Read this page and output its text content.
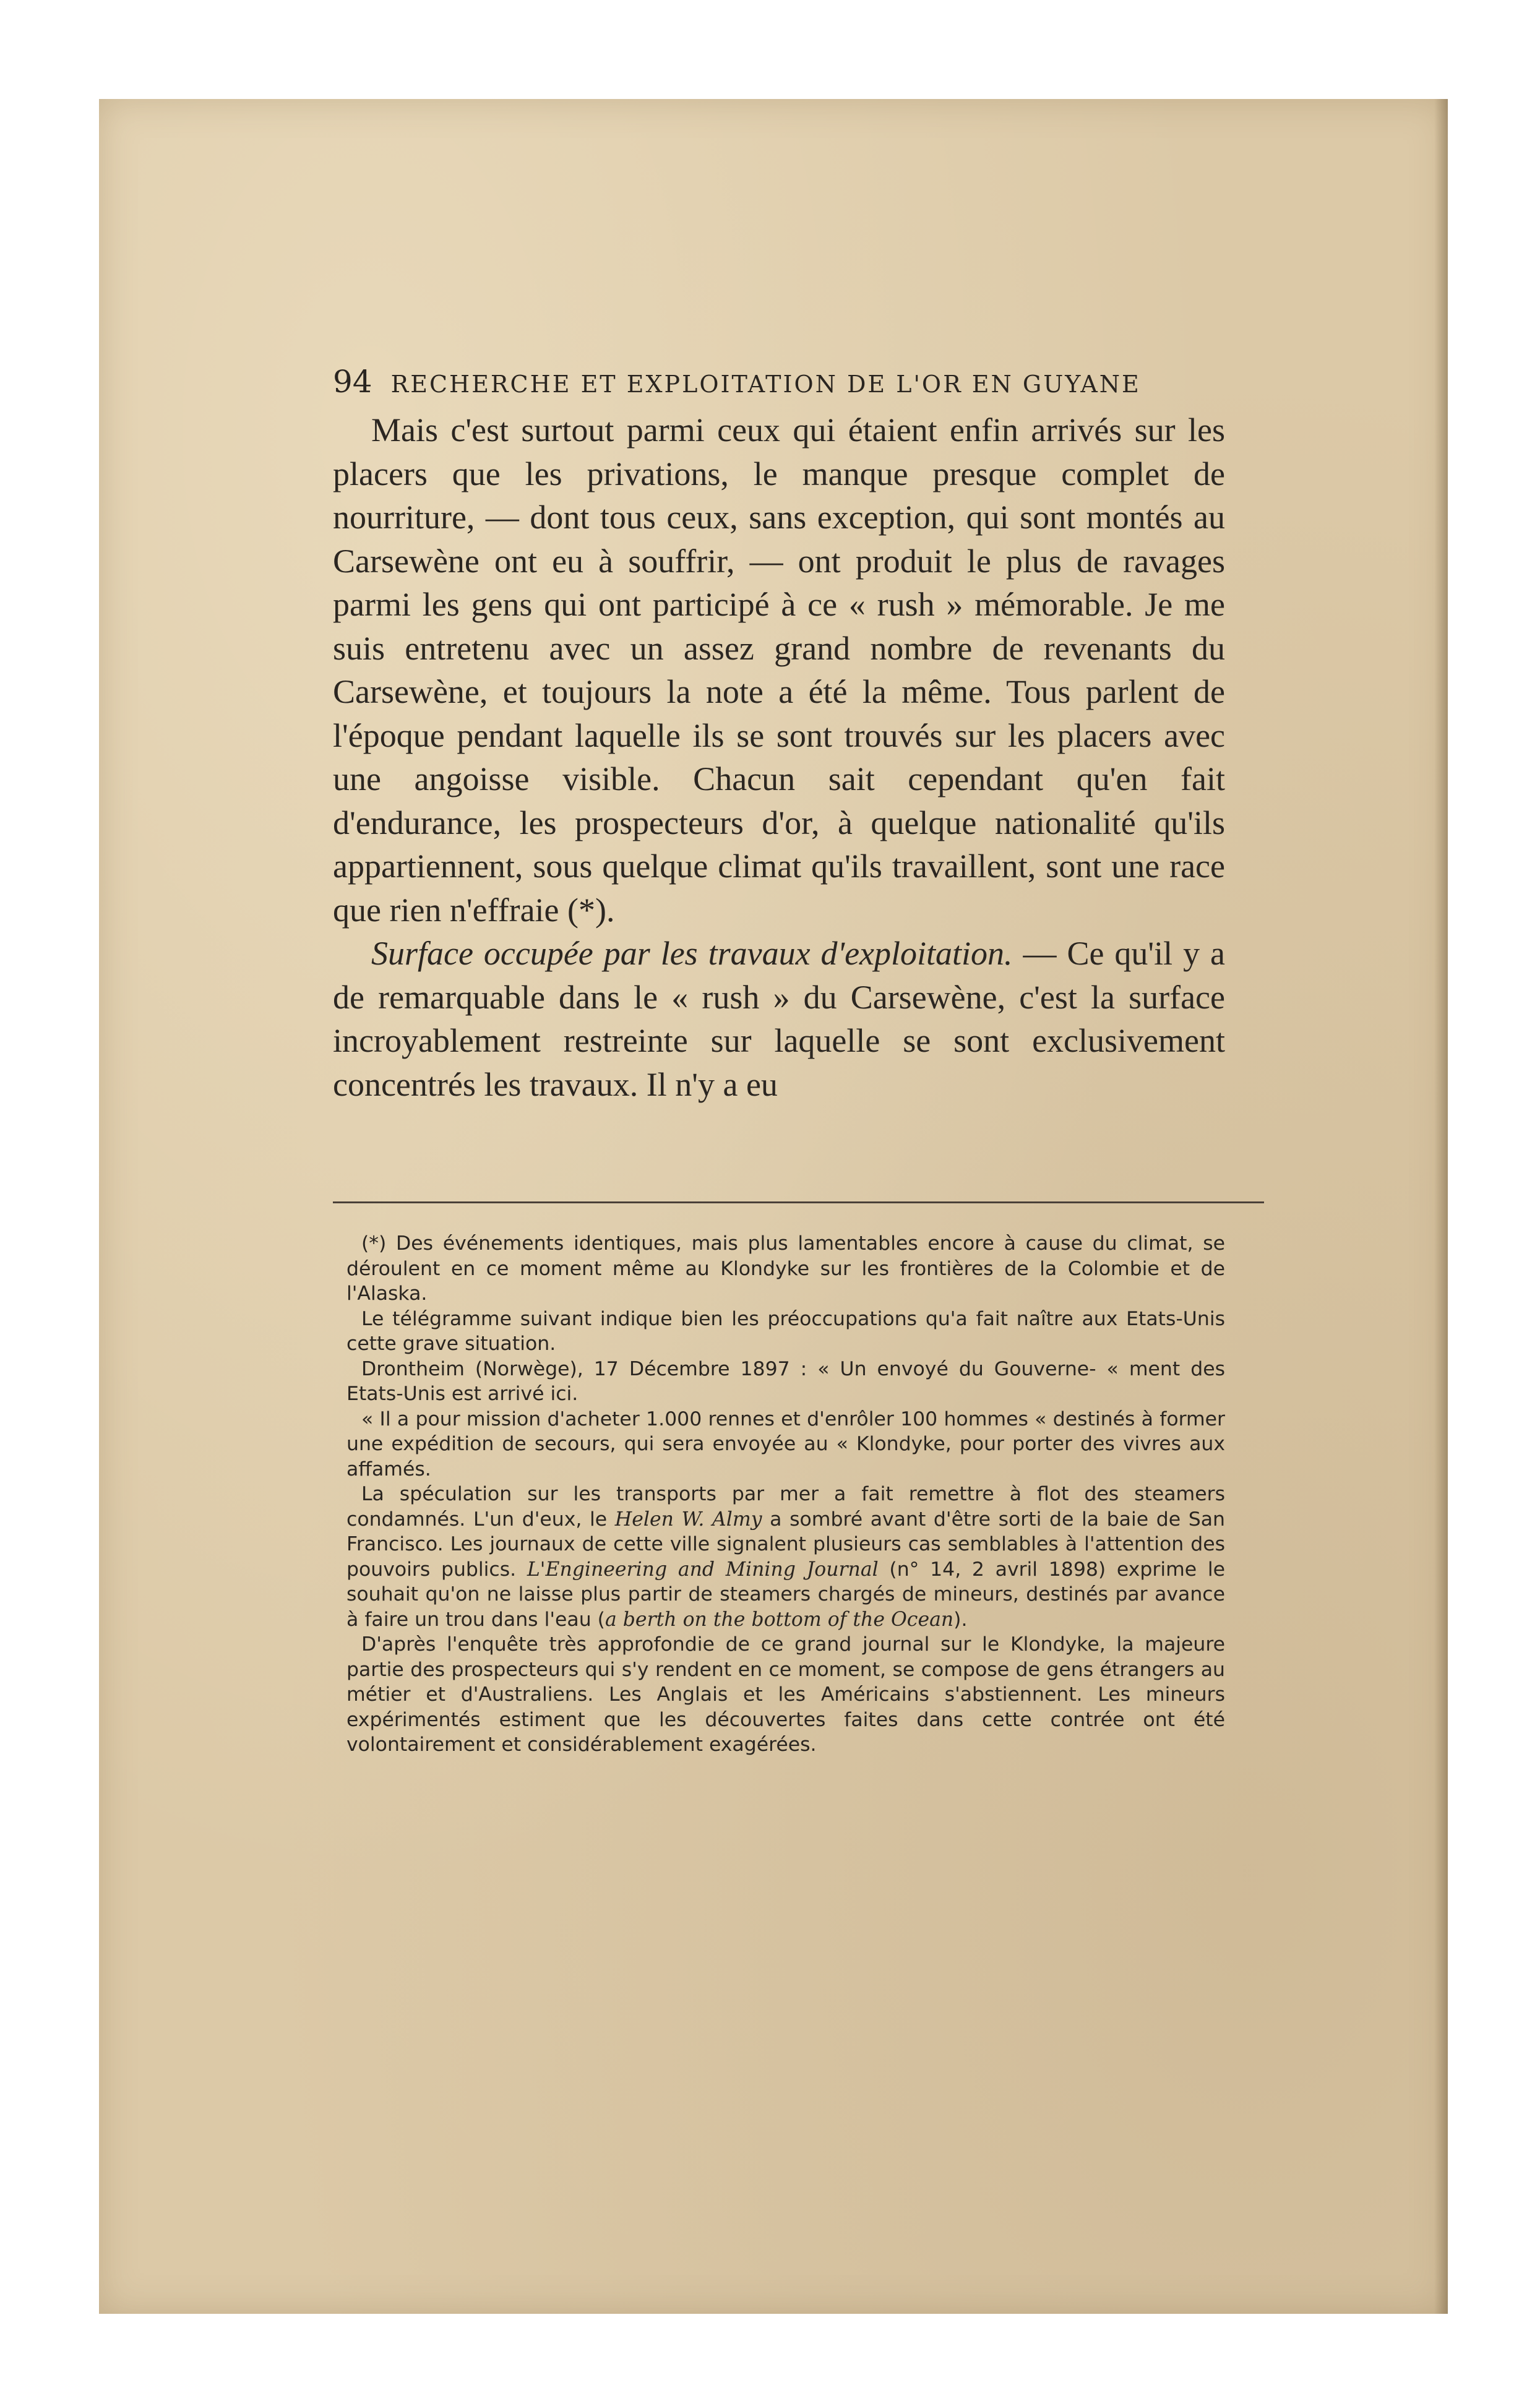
94 RECHERCHE ET EXPLOITATION DE L'OR EN GUYANE

Mais c'est surtout parmi ceux qui étaient enfin arrivés sur les placers que les privations, le manque presque complet de nourriture, — dont tous ceux, sans exception, qui sont montés au Carsewène ont eu à souffrir, — ont produit le plus de ravages parmi les gens qui ont participé à ce « rush » mémorable. Je me suis entretenu avec un assez grand nombre de revenants du Carsewène, et toujours la note a été la même. Tous parlent de l'époque pendant laquelle ils se sont trouvés sur les placers avec une angoisse visible. Chacun sait cependant qu'en fait d'endurance, les prospecteurs d'or, à quelque nationalité qu'ils appartiennent, sous quelque climat qu'ils travaillent, sont une race que rien n'effraie (*).

Surface occupée par les travaux d'exploitation. — Ce qu'il y a de remarquable dans le « rush » du Carsewène, c'est la surface incroyablement restreinte sur laquelle se sont exclusivement concentrés les travaux. Il n'y a eu

(*) Des événements identiques, mais plus lamentables encore à cause du climat, se déroulent en ce moment même au Klondyke sur les frontières de la Colombie et de l'Alaska.

Le télégramme suivant indique bien les préoccupations qu'a fait naître aux Etats-Unis cette grave situation.

Drontheim (Norwège), 17 Décembre 1897 : « Un envoyé du Gouverne- « ment des Etats-Unis est arrivé ici.

« Il a pour mission d'acheter 1.000 rennes et d'enrôler 100 hommes « destinés à former une expédition de secours, qui sera envoyée au « Klondyke, pour porter des vivres aux affamés.

La spéculation sur les transports par mer a fait remettre à flot des steamers condamnés. L'un d'eux, le Helen W. Almy a sombré avant d'être sorti de la baie de San Francisco. Les journaux de cette ville signalent plusieurs cas semblables à l'attention des pouvoirs publics. L'Engineering and Mining Journal (n° 14, 2 avril 1898) exprime le souhait qu'on ne laisse plus partir de steamers chargés de mineurs, destinés par avance à faire un trou dans l'eau (a berth on the bottom of the Ocean).

D'après l'enquête très approfondie de ce grand journal sur le Klondyke, la majeure partie des prospecteurs qui s'y rendent en ce moment, se compose de gens étrangers au métier et d'Australiens. Les Anglais et les Américains s'abstiennent. Les mineurs expérimentés estiment que les découvertes faites dans cette contrée ont été volontairement et considérablement exagérées.
